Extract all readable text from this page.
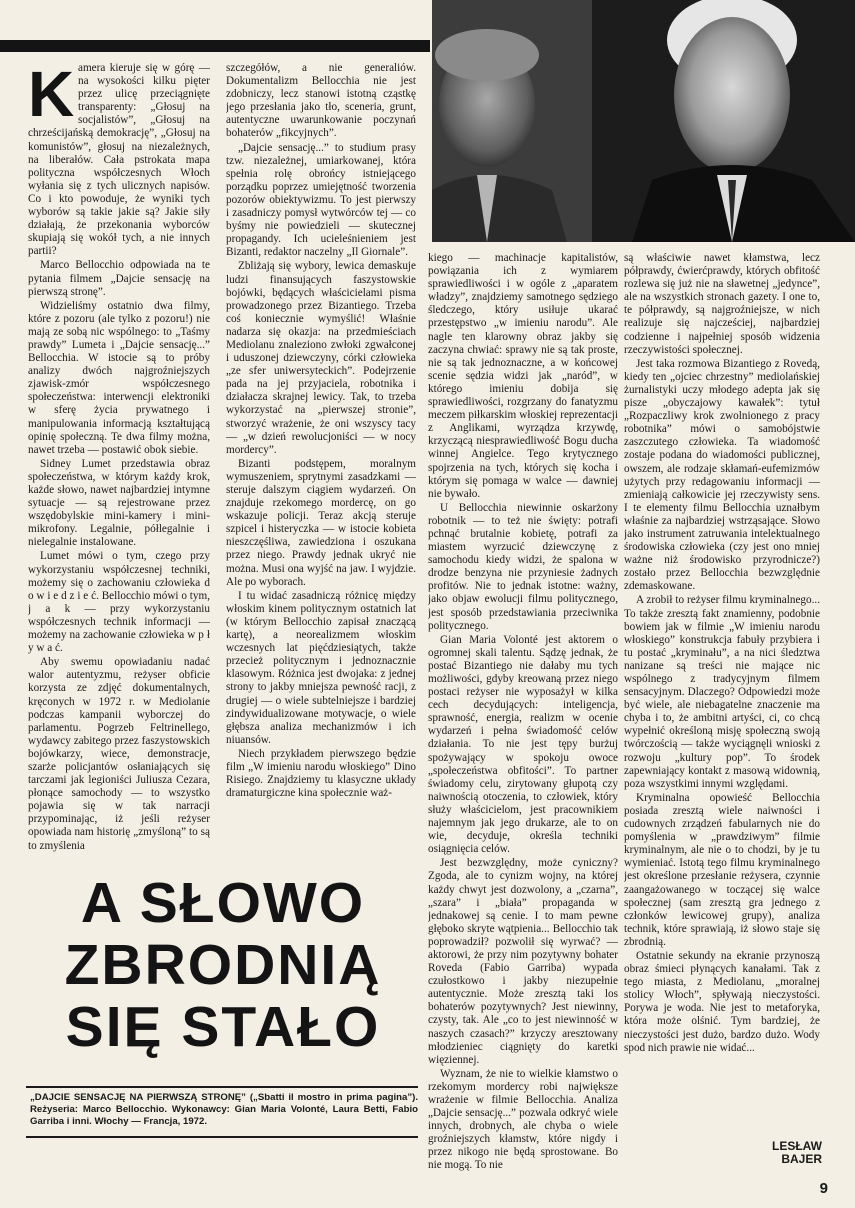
Kamera kieruje się w górę — na wysokości kilku pięter przez ulicę przeciągnięte transparenty: „Głosuj na socjalistów”, „Głosuj na chrześcijańską demokrację”, „Głosuj na komunistów”, głosuj na niezależnych, na liberałów. Cała pstrokata mapa polityczna współczesnych Włoch wyłania się z tych ulicznych napisów. Co i kto powoduje, że wyniki tych wyborów są takie jakie są? Jakie siły działają, że przekonania wyborców skupiają się wokół tych, a nie innych partii?

Marco Bellocchio odpowiada na te pytania filmem „Dajcie sensację na pierwszą stronę”.

Widzieliśmy ostatnio dwa filmy, które z pozoru (ale tylko z pozoru!) nie mają ze sobą nic wspólnego: to „Taśmy prawdy” Lumeta i „Dajcie sensację...” Bellocchia. W istocie są to próby analizy dwóch najgroźniejszych zjawisk-zmór współczesnego społeczeństwa: interwencji elektroniki w sferę życia prywatnego i manipulowania informacją kształtującą opinię społeczną. Te dwa filmy można, nawet trzeba — postawić obok siebie.

Sidney Lumet przedstawia obraz społeczeństwa, w którym każdy krok, każde słowo, nawet najbardziej intymne sytuacje — są rejestrowane przez wszędobylskie mini-kamery i mini-mikrofony. Legalnie, półlegalnie i nielegalnie instalowane.

Lumet mówi o tym, czego przy wykorzystaniu współczesnej techniki, możemy się o zachowaniu człowieka d o w i e d z i e ć. Bellocchio mówi o tym, j a k — przy wykorzystaniu współczesnych technik informacji — możemy na zachowanie człowieka w p ł y w a ć.

Aby swemu opowiadaniu nadać walor autentyzmu, reżyser obficie korzysta ze zdjęć dokumentalnych, kręconych w 1972 r. w Mediolanie podczas kampanii wyborczej do parlamentu. Pogrzeb Feltrinellego, wydawcy zabitego przez faszystowskich bojówkarzy, wiece, demonstracje, szarże policjantów osłaniających się tarczami jak legioniści Juliusza Cezara, płonące samochody — to wszystko pojawia się w tak narracji przypominając, iż jeśli reżyser opowiada nam historię „zmyśloną” to są to zmyślenia

szczegółów, a nie generaliów. Dokumentalizm Bellocchia nie jest zdobniczy, lecz stanowi istotną cząstkę jego przesłania jako tło, sceneria, grunt, autentyczne uwarunkowanie poczynań bohaterów „fikcyjnych”.

„Dajcie sensację...” to studium prasy tzw. niezależnej, umiarkowanej, która spełnia rolę obrońcy istniejącego porządku poprzez umiejętność tworzenia pozorów obiektywizmu. To jest pierwszy i zasadniczy pomysł wytwórców tej — co byśmy nie powiedzieli — skutecznej propagandy. Ich ucieleśnieniem jest Bizanti, redaktor naczelny „Il Giornale”.

Zbliżają się wybory, lewica demaskuje ludzi finansujących faszystowskie bojówki, będących właścicielami pisma prowadzonego przez Bizantiego. Trzeba coś koniecznie wymyślić! Właśnie nadarza się okazja: na przedmieściach Mediolanu znaleziono zwłoki zgwałconej i uduszonej dziewczyny, córki człowieka „ze sfer uniwersyteckich”. Podejrzenie pada na jej przyjaciela, robotnika i działacza skrajnej lewicy. Tak, to trzeba wykorzystać na „pierwszej stronie”, stworzyć wrażenie, że oni wszyscy tacy — „w dzień rewolucjoniści — w nocy mordercy”.

Bizanti podstępem, moralnym wymuszeniem, sprytnymi zasadzkami — steruje dalszym ciągiem wydarzeń. On znajduje rzekomego mordercę, on go wskazuje policji. Teraz akcją steruje szpicel i histeryczka — w istocie kobieta nieszczęśliwa, zawiedziona i oszukana przez niego. Prawdy jednak ukryć nie można. Musi ona wyjść na jaw. I wyjdzie. Ale po wyborach.

I tu widać zasadniczą różnicę między włoskim kinem politycznym ostatnich lat (w którym Bellocchio zapisał znaczącą kartę), a neorealizmem włoskim wczesnych lat pięćdziesiątych, także przecież politycznym i jednoznacznie klasowym. Różnica jest dwojaka: z jednej strony to jakby mniejsza pewność racji, z drugiej — o wiele subtelniejsze i bardziej zindywidualizowane motywacje, o wiele głębsza analiza mechanizmów i ich niuansów.

Niech przykładem pierwszego będzie film „W imieniu narodu włoskiego” Dino Risiego. Znajdziemy tu klasyczne układy dramaturgiczne kina społecznie waż-

kiego — machinacje kapitalistów, powiązania ich z wymiarem sprawiedliwości i w ogóle z „aparatem władzy”, znajdziemy samotnego sędziego śledczego, który usiłuje ukarać przestępstwo „w imieniu narodu”. Ale nagle ten klarowny obraz jakby się zaczyna chwiać: sprawy nie są tak proste, nie są tak jednoznaczne, a w końcowej scenie sędzia widzi jak „naród”, w którego imieniu dobija się sprawiedliwości, rozgrzany do fanatyzmu meczem piłkarskim włoskiej reprezentacji z Anglikami, wyrządza krzywdę, krzyczącą niesprawiedliwość Bogu ducha winnej Angielce. Tego krytycznego spojrzenia na tych, których się kocha i którym się pomaga w walce — dawniej nie bywało.

U Bellocchia niewinnie oskarżony robotnik — to też nie święty: potrafi pchnąć brutalnie kobietę, potrafi za miastem wyrzucić dziewczynę z samochodu kiedy widzi, że spalona w drodze benzyna nie przyniesie żadnych profitów. Nie to jednak istotne: ważny, jako objaw ewolucji filmu politycznego, jest sposób przedstawiania przeciwnika politycznego.

Gian Maria Volonté jest aktorem o ogromnej skali talentu. Sądzę jednak, że postać Bizantiego nie dałaby mu tych możliwości, gdyby kreowaną przez niego postaci reżyser nie wyposażył w kilka cech decydujących: inteligencja, sprawność, energia, realizm w ocenie wydarzeń i pełna świadomość celów działania. To nie jest tępy burżuj spożywający w spokoju owoce „społeczeństwa obfitości”. To partner świadomy celu, zirytowany głupotą czy naiwnością otoczenia, to człowiek, który służy właścicielom, jest pracownikiem najemnym jak jego drukarze, ale to on wie, decyduje, określa techniki osiągnięcia celów.

Jest bezwzględny, może cyniczny? Zgoda, ale to cynizm wojny, na której każdy chwyt jest dozwolony, a „czarna”, „szara” i „biała” propaganda w jednakowej są cenie. I to mam pewne głęboko skryte wątpienia... Bellocchio tak poprowadził? pozwolił się wyrwać? — aktorowi, że przy nim pozytywny bohater Roveda (Fabio Garriba) wypada czułostkowo i jakby niezupełnie autentycznie. Może zresztą taki los bohaterów pozytywnych? Jest niewinny, czysty, tak. Ale „co to jest niewinność w naszych czasach?” krzyczy aresztowany młodzieniec ciągnięty do karetki więziennej.

Wyznam, że nie to wielkie kłamstwo o rzekomym mordercy robi największe wrażenie w filmie Bellocchia. Analiza „Dajcie sensację...” pozwala odkryć wiele innych, drobnych, ale chyba o wiele groźniejszych kłamstw, które nigdy i przez nikogo nie będą sprostowane. Bo nie mogą. To nie

są właściwie nawet kłamstwa, lecz półprawdy, ćwierćprawdy, których obfitość rozlewa się już nie na sławetnej „jedynce”, ale na wszystkich stronach gazety. I one to, te półprawdy, są najgroźniejsze, w nich realizuje się najcześciej, najbardziej codzienne i najpełniej sposób widzenia rzeczywistości społecznej.

Jest taka rozmowa Bizantiego z Rovedą, kiedy ten „ojciec chrzestny” mediolańskiej żurnalistyki uczy młodego adepta jak się pisze „obyczajowy kawałek”: tytuł „Rozpaczliwy krok zwolnionego z pracy robotnika” mówi o samobójstwie zaszczutego człowieka. Ta wiadomość zostaje podana do wiadomości publicznej, owszem, ale rodzaje skłamań-eufemizmów użytych przy redagowaniu informacji — zmieniają całkowicie jej rzeczywisty sens. I te elementy filmu Bellocchia uznałbym właśnie za najbardziej wstrząsające. Słowo jako instrument zatruwania intelektualnego środowiska człowieka (czy jest ono mniej ważne niż środowisko przyrodnicze?) zostało przez Bellocchia bezwzględnie zdemaskowane.

A zrobił to reżyser filmu kryminalnego... To także zresztą fakt znamienny, podobnie bowiem jak w filmie „W imieniu narodu włoskiego” konstrukcja fabuły przybiera i tu postać „kryminału”, a na nici śledztwa nanizane są treści nie mające nic wspólnego z tradycyjnym filmem sensacyjnym. Dlaczego? Odpowiedzi może być wiele, ale niebagatelne znaczenie ma chyba i to, że ambitni artyści, ci, co chcą wypełnić określoną misję społeczną swoją twórczością — także wyciągnęli wnioski z rozwoju „kultury pop”. To środek zapewniający kontakt z masową widownią, poza wszystkimi innymi względami.

Kryminalna opowieść Bellocchia posiada zresztą wiele naiwności i cudownych zrządzeń fabularnych nie do pomyślenia w „prawdziwym” filmie kryminalnym, ale nie o to chodzi, by je tu wymieniać. Istotą tego filmu kryminalnego jest określone przesłanie reżysera, czynnie zaangażowanego w toczącej się walce społecznej (sam zresztą gra jednego z członków lewicowej grupy), analiza technik, które sprawiają, iż słowo staje się zbrodnią.

Ostatnie sekundy na ekranie przynoszą obraz śmieci płynących kanałami. Tak z tego miasta, z Mediolanu, „moralnej stolicy Włoch”, spływają nieczystości. Porywa je woda. Nie jest to metaforyka, która może olśnić. Tym bardziej, że nieczystości jest dużo, bardzo dużo. Wody spod nich prawie nie widać...

A SŁOWO
ZBRODNIĄ
SIĘ STAŁO
„DAJCIE SENSACJĘ NA PIERWSZĄ STRONĘ” („Sbatti il mostro in prima pagina”). Reżyseria: Marco Bellocchio. Wykonawcy: Gian Maria Volonté, Laura Betti, Fabio Garriba i inni. Włochy — Francja, 1972.
LESŁAW
BAJER
9
